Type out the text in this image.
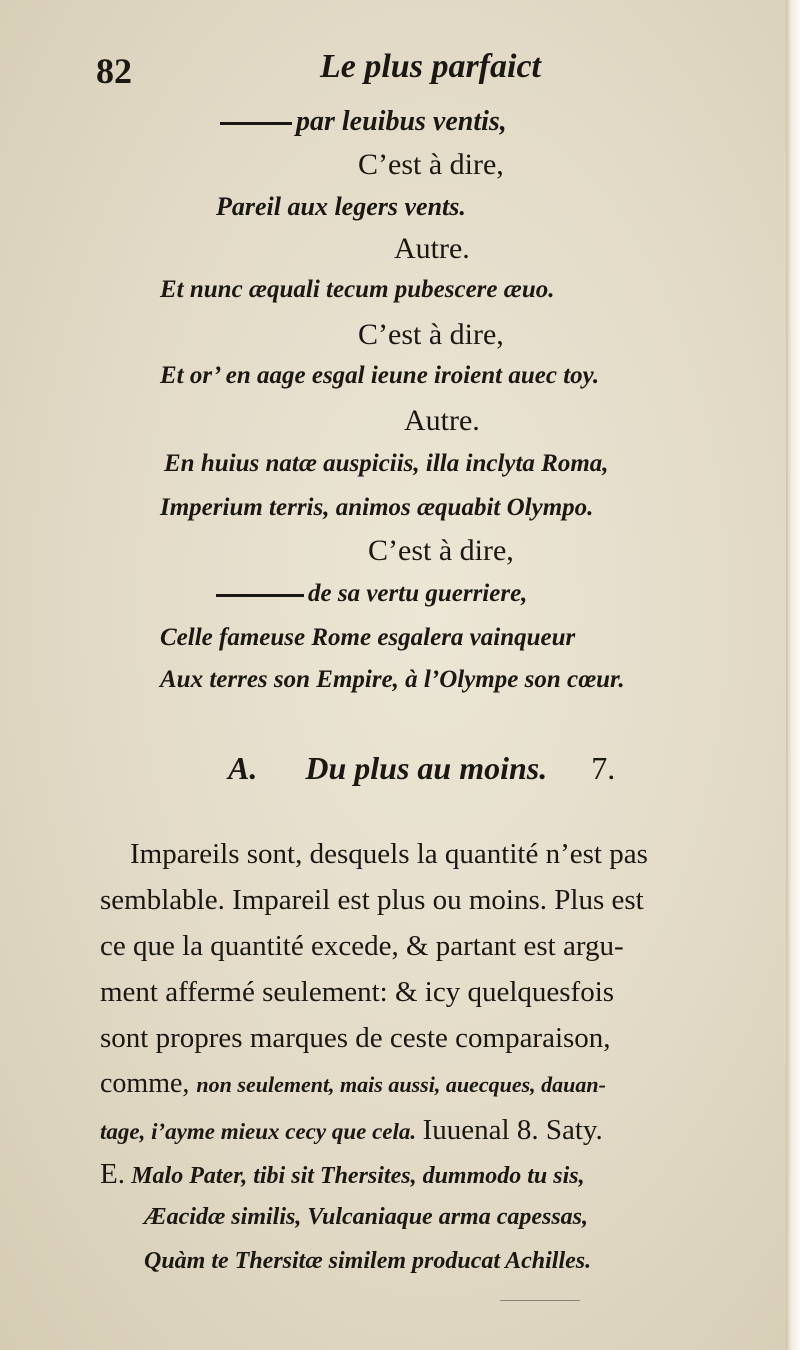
82	Le plus parfaict
par leuibus ventis,
C’est à dire,
Pareil aux legers vents.
Autre.
Et nunc æquali tecum pubescere æuo.
C’est à dire,
Et or’ en aage esgal ieune iroient auec toy.
Autre.
En huius natæ auspiciis, illa inclyta Roma,
Imperium terris, animos æquabit Olympo.
C’est à dire,
de sa vertu guerriere,
Celle fameuse Rome esgalera vainqueur
Aux terres son Empire, à l’Olympe son cœur.
A. Du plus au moins. 7.
Impareils sont, desquels la quantité n’est pas
semblable. Impareil est plus ou moins. Plus est
ce que la quantité excede, & partant est argu-
ment affermé seulement: & icy quelquesfois
sont propres marques de ceste comparaison,
comme, non seulement, mais aussi, auecques, dauan-
tage, i’ayme mieux cecy que cela. Iuuenal 8. Saty.
E. Malo Pater, tibi sit Thersites, dummodo tu sis,
Æacidæ similis, Vulcaniaque arma capessas,
Quàm te Thersitæ similem producat Achilles.
